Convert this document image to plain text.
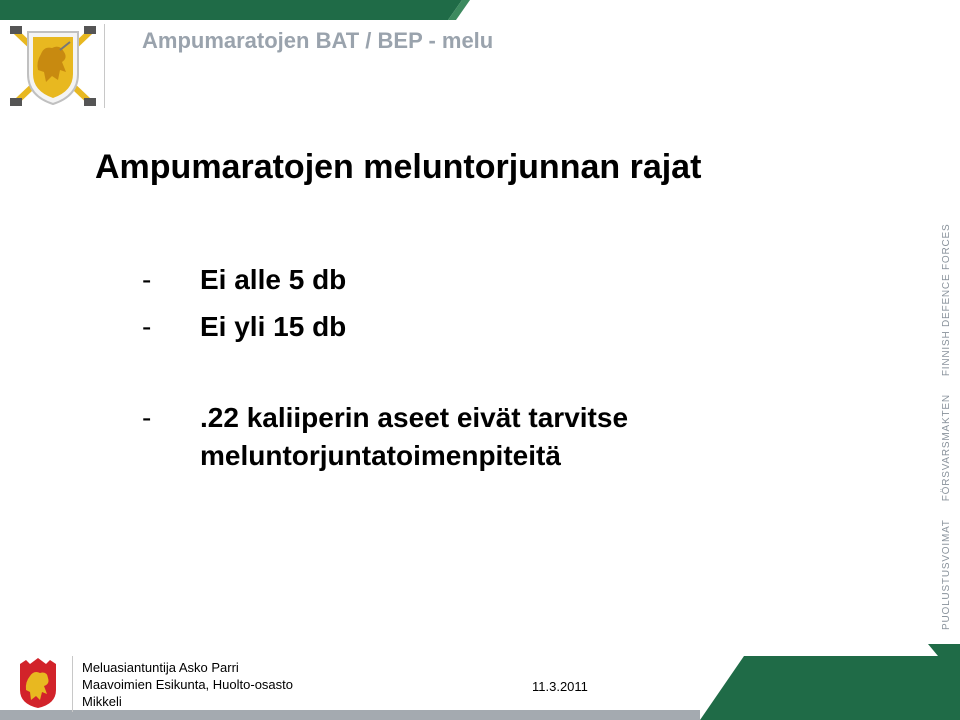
Ampumaratojen BAT / BEP - melu
Ampumaratojen meluntorjunnan rajat
- Ei alle 5 db
- Ei yli 15 db
- .22 kaliiperin aseet eivät tarvitse
meluntorjuntatoimenpiteitä
PUOLUSTUSVOIMAT
FÖRSVARSMAKTEN
FINNISH DEFENCE FORCES
Meluasiantuntija Asko Parri
Maavoimien Esikunta, Huolto-osasto
Mikkeli
11.3.2011
